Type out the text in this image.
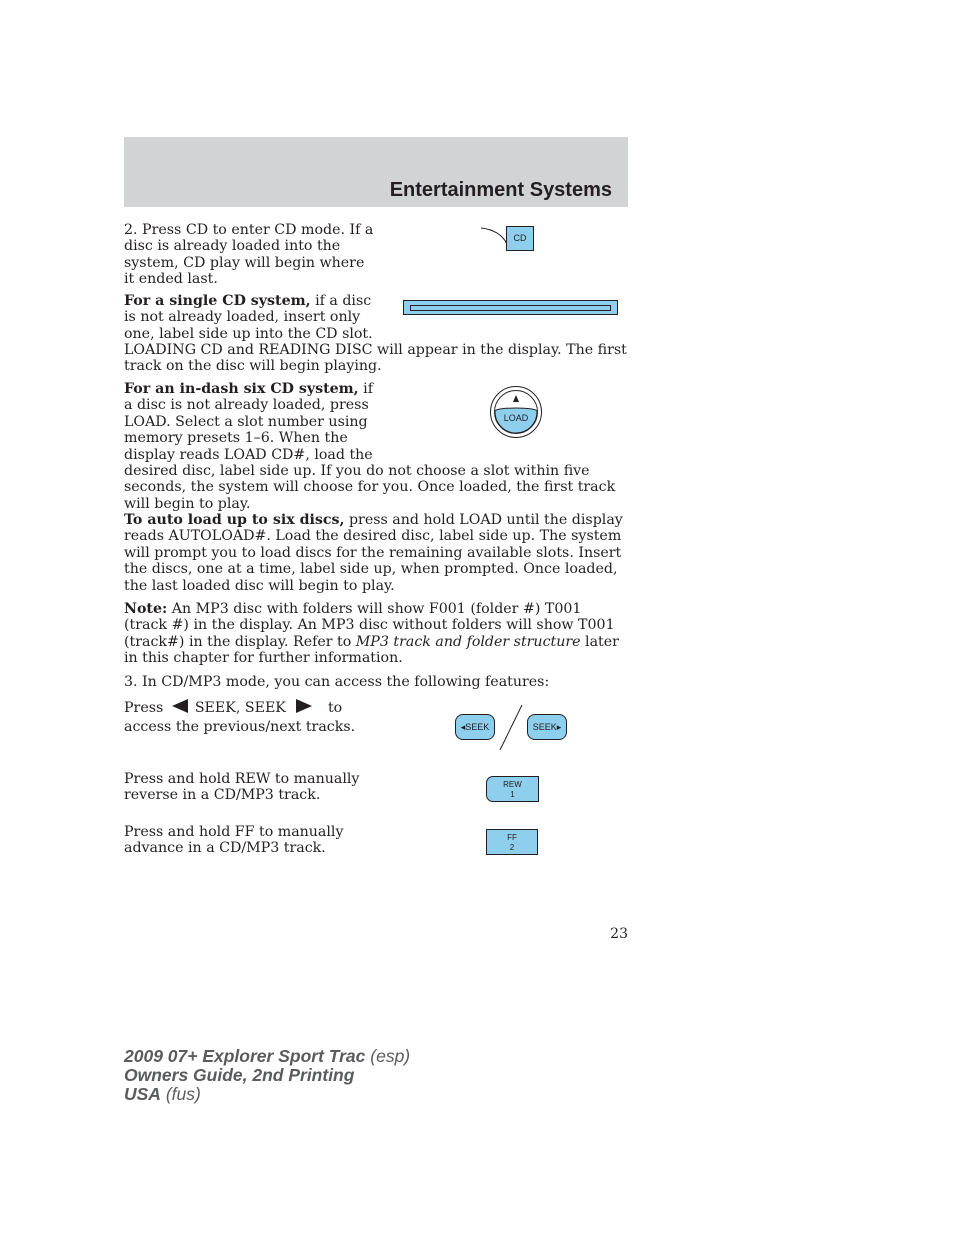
Entertainment Systems

2. Press CD to enter CD mode. If a disc is already loaded into the system, CD play will begin where it ended last.

CD

For a single CD system, if a disc is not already loaded, insert only one, label side up into the CD slot.

LOADING CD and READING DISC will appear in the display. The first track on the disc will begin playing.

For an in-dash six CD system, if a disc is not already loaded, press LOAD. Select a slot number using memory presets 1–6. When the display reads LOAD CD#, load the

LOAD

desired disc, label side up. If you do not choose a slot within five seconds, the system will choose for you. Once loaded, the first track will begin to play.

To auto load up to six discs, press and hold LOAD until the display reads AUTOLOAD#. Load the desired disc, label side up. The system will prompt you to load discs for the remaining available slots. Insert the discs, one at a time, label side up, when prompted. Once loaded, the last loaded disc will begin to play.

Note: An MP3 disc with folders will show F001 (folder #) T001 (track #) in the display. An MP3 disc without folders will show T001 (track#) in the display. Refer to MP3 track and folder structure later in this chapter for further information.

3. In CD/MP3 mode, you can access the following features:

Press SEEK, SEEK	to
access the previous/next tracks.	◂SEEK	SEEK▸

Press and hold REW to manually reverse in a CD/MP3 track.

REW
1

Press and hold FF to manually advance in a CD/MP3 track.

FF
2
23
2009 07+ Explorer Sport Trac (esp)
Owners Guide, 2nd Printing
USA (fus)
